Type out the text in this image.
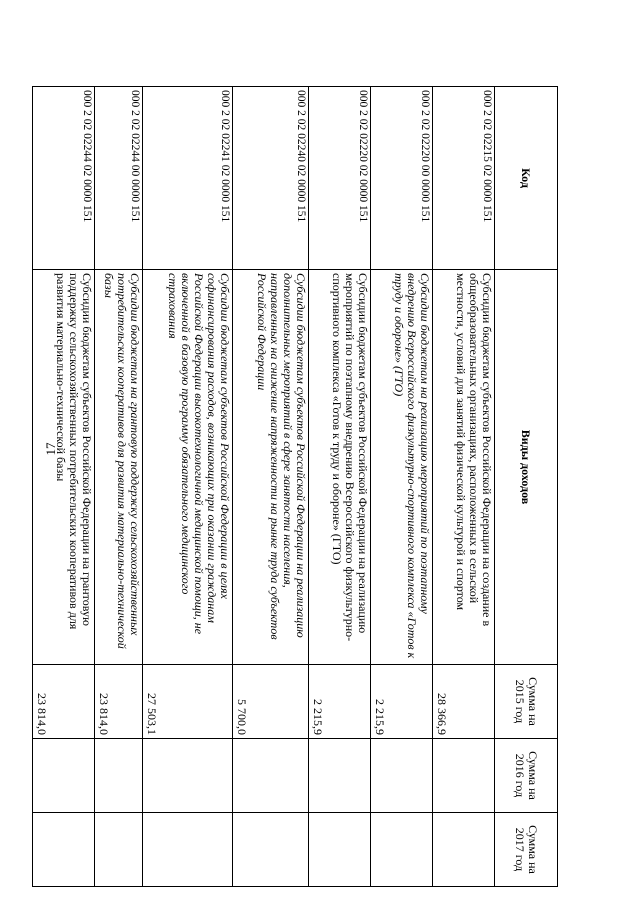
17
Код	Виды доходов	Сумма на 2015 год	Сумма на 2016 год	Сумма на 2017 год
000 2 02 02215 02 0000 151	Субсидии бюджетам субъектов Российской Федерации на создание в общеобразовательных организациях, расположенных в сельской местности, условий для занятий физической культурой и спортом	28 366,9		
000 2 02 02220 00 0000 151	Субсидии бюджетам на реализацию мероприятий по поэтапному внедрению Всероссийского физкультурно-спортивного комплекса «Готов к труду и обороне» (ГТО)	2 215,9		
000 2 02 02220 02 0000 151	Субсидии бюджетам субъектов Российской Федерации на реализацию мероприятий по поэтапному внедрению Всероссийского физкультурно-спортивного комплекса «Готов к труду и обороне» (ГТО)	2 215,9		
000 2 02 02240 02 0000 151	Субсидии бюджетам субъектов Российской Федерации на реализацию дополнительных мероприятий в сфере занятости населения, направленных на снижение напряженности на рынке труда субъектов Российской Федерации	5 700,0		
000 2 02 02241 02 0000 151	Субсидии бюджетам субъектов Российской Федерации в целях софинансирования расходов, возникающих при оказании гражданам Российской Федерации высокотехнологичной медицинской помощи, не включенной в базовую программу обязательного медицинского страхования	27 503,1		
000 2 02 02244 00 0000 151	Субсидии бюджетам на грантовую поддержку сельскохозяйственных потребительских кооперативов для развития материально-технической базы	23 814,0		
000 2 02 02244 02 0000 151	Субсидии бюджетам субъектов Российской Федерации на грантовую поддержку сельскохозяйственных потребительских кооперативов для развития материально-технической базы	23 814,0		
